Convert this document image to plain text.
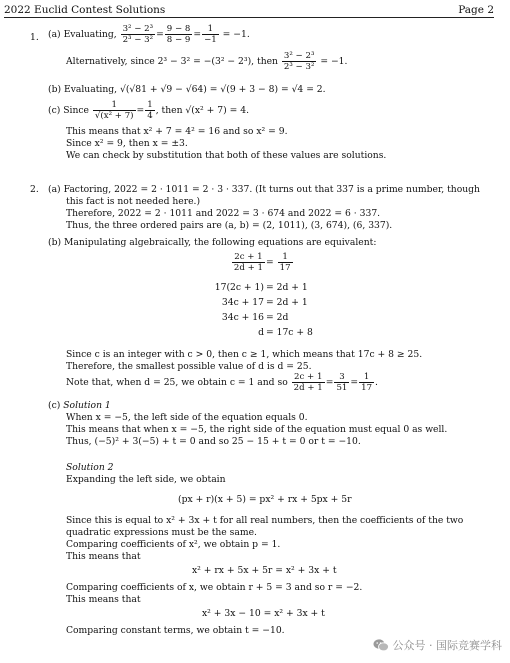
2022 Euclid Contest Solutions	Page 2
1. (a) Evaluating, $\frac{\text{3² − 2³}}{\text{2³ − 3²}} = \frac{9 - 8}{8 - 9} = \frac{1}{-1} = -1$.
Alternatively, since 2³ − 3² = −(3² − 2³), then $\frac{\text{3² − 2³}}{\text{2³ − 3²}} = -1$.
(b) Evaluating, √(√81 + √9 − √64) = √(9 + 3 − 8) = √4 = 2.
(c) Since $\frac{1}{\text{√(x² + 7)}} = \frac{1}{4}$ , then √(x² + 7) = 4.
This means that x² + 7 = 4² = 16 and so x² = 9.
Since x² = 9, then x = ±3.
We can check by substitution that both of these values are solutions.
2. (a) Factoring, 2022 = 2 · 1011 = 2 · 3 · 337. (It turns out that 337 is a prime number, though
this fact is not needed here.)
Therefore, 2022 = 2 · 1011 and 2022 = 3 · 674 and 2022 = 6 · 337.
Thus, the three ordered pairs are (a, b) = (2, 1011), (3, 674), (6, 337).
(b) Manipulating algebraically, the following equations are equivalent:
$\frac{2c + 1}{2d + 1} = \frac{1}{17}$
17(2c + 1) = 2d + 1
34c + 17 = 2d + 1
34c + 16 = 2d
d = 17c + 8
Since c is an integer with c > 0, then c ≥ 1, which means that 17c + 8 ≥ 25.
Therefore, the smallest possible value of d is d = 25.
Note that, when d = 25, we obtain c = 1 and so $\frac{2c + 1}{2d + 1} = \frac{3}{51} = \frac{1}{17}$ .
(c) Solution 1
When x = −5, the left side of the equation equals 0.
This means that when x = −5, the right side of the equation must equal 0 as well.
Thus, (−5)² + 3(−5) + t = 0 and so 25 − 15 + t = 0 or t = −10.
Solution 2
Expanding the left side, we obtain
(px + r)(x + 5) = px² + rx + 5px + 5r
Since this is equal to x² + 3x + t for all real numbers, then the coefficients of the two
quadratic expressions must be the same.
Comparing coefficients of x², we obtain p = 1.
This means that
x² + rx + 5x + 5r = x² + 3x + t
Comparing coefficients of x, we obtain r + 5 = 3 and so r = −2.
This means that
x² + 3x − 10 = x² + 3x + t
Comparing constant terms, we obtain t = −10.
公众号 · 国际竞赛学科
